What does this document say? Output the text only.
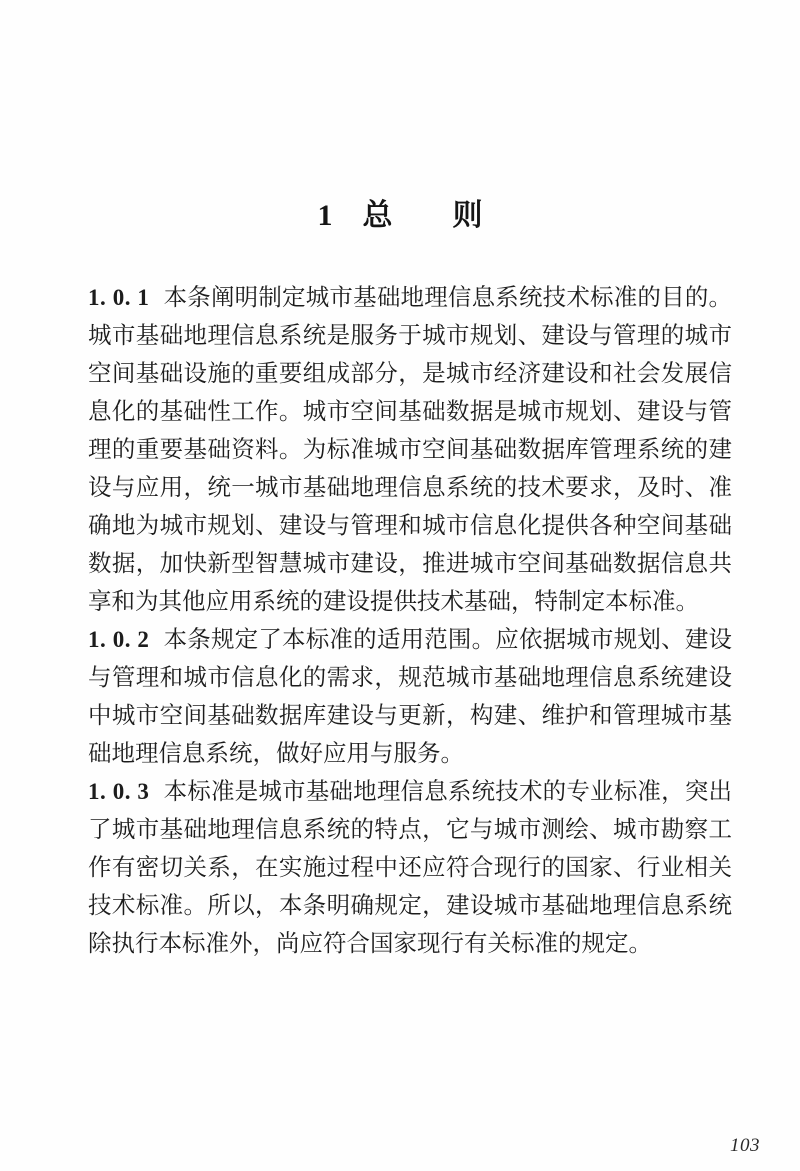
1    总        则

1. 0. 1 本条阐明制定城市基础地理信息系统技术标准的目的。城市基础地理信息系统是服务于城市规划、建设与管理的城市空间基础设施的重要组成部分，是城市经济建设和社会发展信息化的基础性工作。城市空间基础数据是城市规划、建设与管理的重要基础资料。为标准城市空间基础数据库管理系统的建设与应用，统一城市基础地理信息系统的技术要求，及时、准确地为城市规划、建设与管理和城市信息化提供各种空间基础数据，加快新型智慧城市建设，推进城市空间基础数据信息共享和为其他应用系统的建设提供技术基础，特制定本标准。

1. 0. 2 本条规定了本标准的适用范围。应依据城市规划、建设与管理和城市信息化的需求，规范城市基础地理信息系统建设中城市空间基础数据库建设与更新，构建、维护和管理城市基础地理信息系统，做好应用与服务。

1. 0. 3 本标准是城市基础地理信息系统技术的专业标准，突出了城市基础地理信息系统的特点，它与城市测绘、城市勘察工作有密切关系，在实施过程中还应符合现行的国家、行业相关技术标准。所以，本条明确规定，建设城市基础地理信息系统除执行本标准外，尚应符合国家现行有关标准的规定。

103
